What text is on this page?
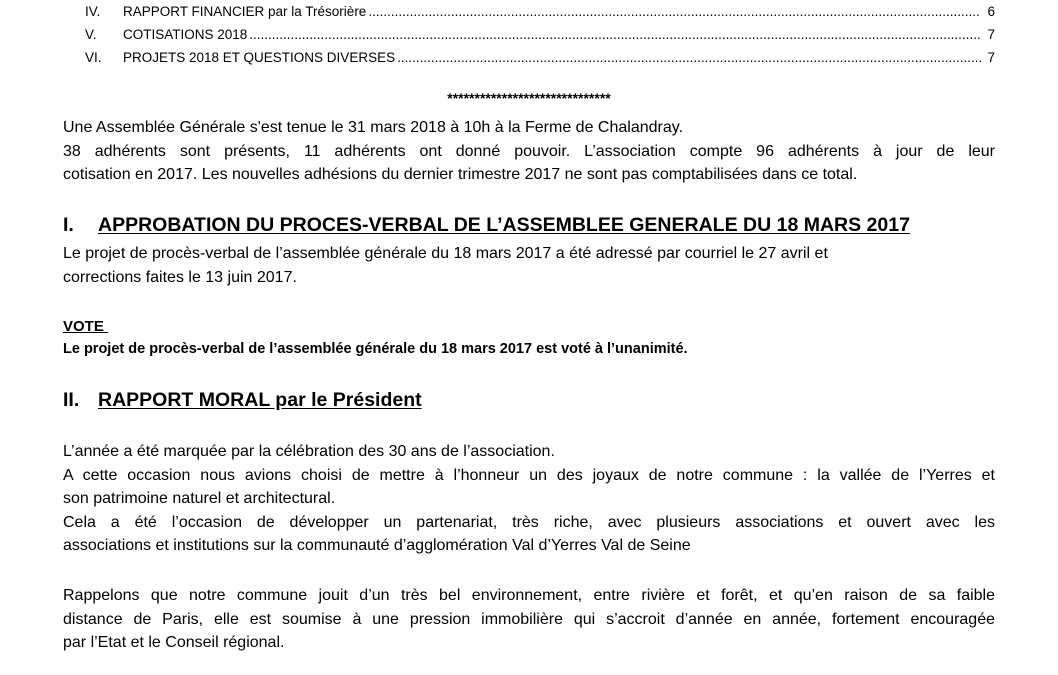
IV.	RAPPORT FINANCIER par la Trésorière .....	6
V.	COTISATIONS 2018 .....	7
VI.	PROJETS 2018 ET QUESTIONS DIVERSES .....	7
******************************
Une Assemblée Générale s'est tenue le 31 mars 2018 à 10h à la Ferme de Chalandray.
38 adhérents sont présents, 11 adhérents ont donné pouvoir. L’association compte 96 adhérents à jour de leur
cotisation en 2017. Les nouvelles adhésions du dernier trimestre 2017 ne sont pas comptabilisées dans ce total.
I. APPROBATION DU PROCES-VERBAL DE L’ASSEMBLEE GENERALE DU 18 MARS 2017
Le projet de procès-verbal de l’assemblée générale du 18 mars 2017 a été adressé par courriel le 27 avril et
corrections faites le 13 juin 2017.
VOTE
Le projet de procès-verbal de l’assemblée générale du 18 mars 2017 est voté à l’unanimité.
II. RAPPORT MORAL par le Président
L’année a été marquée par la célébration des 30 ans de l’association.
A cette occasion nous avions choisi de mettre à l’honneur un des joyaux de notre commune : la vallée de l’Yerres et
son patrimoine naturel et architectural.
Cela a été l’occasion de développer un partenariat, très riche, avec plusieurs associations et ouvert avec les
associations et institutions sur la communauté d’agglomération Val d’Yerres Val de Seine
Rappelons que notre commune jouit d’un très bel environnement, entre rivière et forêt, et qu’en raison de sa faible
distance de Paris, elle est soumise à une pression immobilière qui s’accroit d’année en année, fortement encouragée
par l’Etat et le Conseil régional.
